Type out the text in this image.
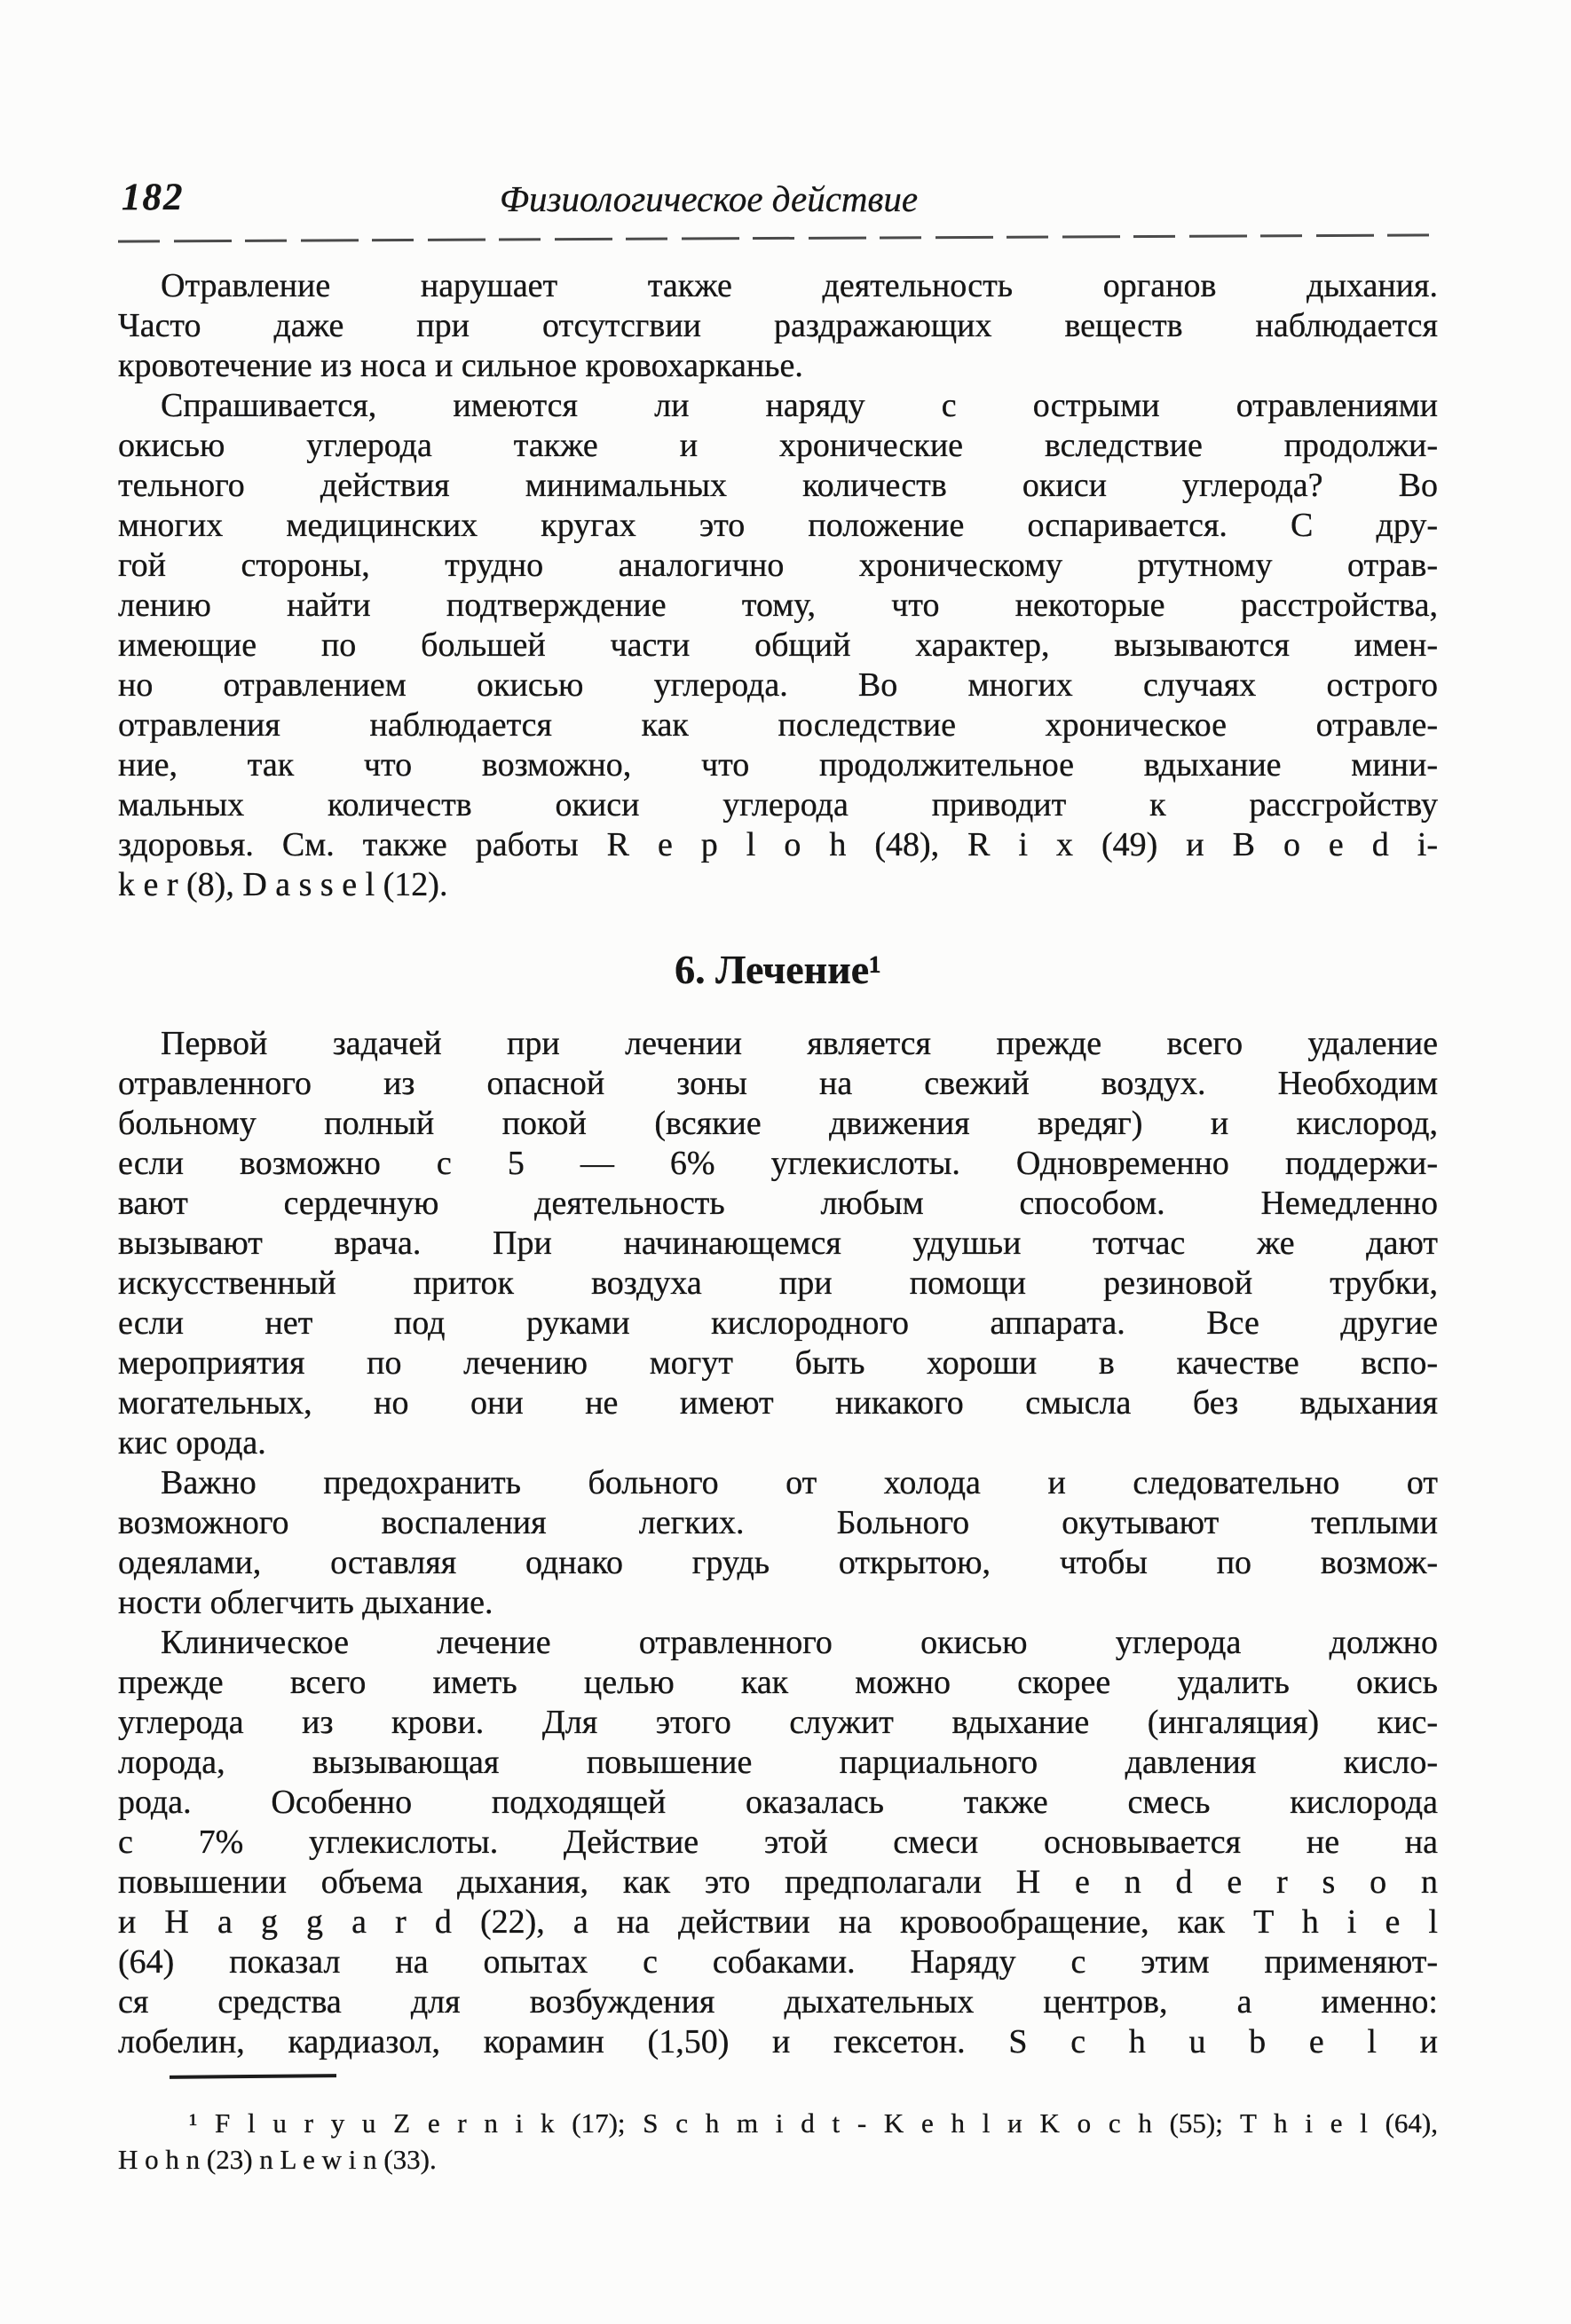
182	Физиологическое действие
Отравление нарушает также деятельность органов дыхания.
Часто даже при отсутсгвии раздражающих веществ наблюдается
кровотечение из носа и сильное кровохарканье.
Спрашивается, имеются ли наряду с острыми отравлениями
окисью углерода также и хронические вследствие продолжи-
тельного действия минимальных количеств окиси углерода? Во
многих медицинских кругах это положение оспаривается. С дру-
гой стороны, трудно аналогично хроническому ртутному отрав-
лению найти подтверждение тому, что некоторые расстройства,
имеющие по большей части общий характер, вызываются имен-
но отравлением окисью углерода. Во многих случаях острого
отравления наблюдается как последствие хроническое отравле-
ние, так что возможно, что продолжительное вдыхание мини-
мальных количеств окиси углерода приводит к рассгройству
здоровья. См. также работы R e p l o h (48), R i x (49) и B o e d i-
k e r (8), D a s s e l (12).
6. Лечение¹
Первой задачей при лечении является прежде всего удаление
отравленного из опасной зоны на свежий воздух. Необходим
больному полный покой (всякие движения вредяг) и кислород,
если возможно с 5 — 6% углекислоты. Одновременно поддержи-
вают сердечную деятельность любым способом. Немедленно
вызывают врача. При начинающемся удушьи тотчас же дают
искусственный приток воздуха при помощи резиновой трубки,
если нет под руками кислородного аппарата. Все другие
мероприятия по лечению могут быть хороши в качестве вспо-
могательных, но они не имеют никакого смысла без вдыхания
кис орода.
Важно предохранить больного от холода и следовательно от
возможного воспаления легких. Больного окутывают теплыми
одеялами, оставляя однако грудь открытою, чтобы по возмож-
ности облегчить дыхание.
Клиническое лечение отравленного окисью углерода должно
прежде всего иметь целью как можно скорее удалить окись
углерода из крови. Для этого служит вдыхание (ингаляция) кис-
лорода, вызывающая повышение парциального давления кисло-
рода. Особенно подходящей оказалась также смесь кислорода
с 7% углекислоты. Действие этой смеси основывается не на
повышении объема дыхания, как это предполагали H e n d e r s o n
и H a g g a r d (22), а на действии на кровообращение, как T h i e l
(64) показал на опытах с собаками. Наряду с этим применяют-
ся средства для возбуждения дыхательных центров, а именно:
лобелин, кардиазол, корамин (1,50) и гексетон. S c h u b e l и
¹ F l u r y u Z e r n i k (17); S c h m i d t - K e h l и K o c h (55); T h i e l (64),
H o h n (23) n L e w i n (33).
